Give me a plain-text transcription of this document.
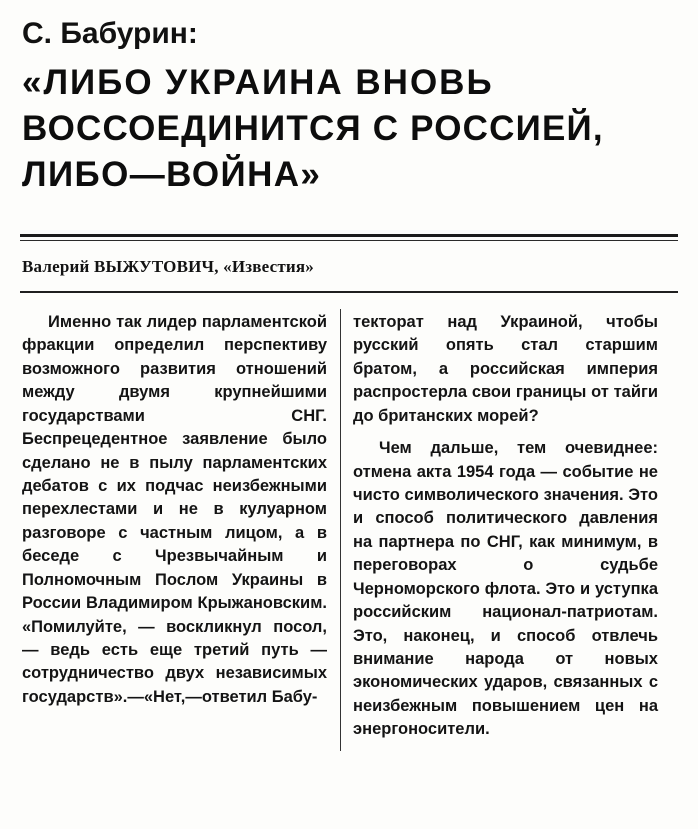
С. Бабурин:
«ЛИБО УКРАИНА ВНОВЬ
ВОССОЕДИНИТСЯ С РОССИЕЙ,
ЛИБО—ВОЙНА»
Валерий ВЫЖУТОВИЧ, «Известия»

Именно так лидер парламентской фракции определил перспективу возможного развития отношений между двумя крупнейшими государствами СНГ. Беспрецедентное заявление было сделано не в пылу парламентских дебатов с их подчас неизбежными перехлестами и не в кулуарном разговоре с частным лицом, а в беседе с Чрезвычайным и Полномочным Послом Украины в России Владимиром Крыжановским. «Помилуйте, — воскликнул посол, — ведь есть еще третий путь — сотрудничество двух независимых государств».—«Нет,—ответил Бабу-

текторат над Украиной, чтобы русский опять стал старшим братом, а российская империя распростерла свои границы от тайги до британских морей?

Чем дальше, тем очевиднее: отмена акта 1954 года — событие не чисто символического значения. Это и способ политического давления на партнера по СНГ, как минимум, в переговорах о судьбе Черноморского флота. Это и уступка российским национал-патриотам. Это, наконец, и способ отвлечь внимание народа от новых экономических ударов, связанных с неизбежным повышением цен на энергоносители.
